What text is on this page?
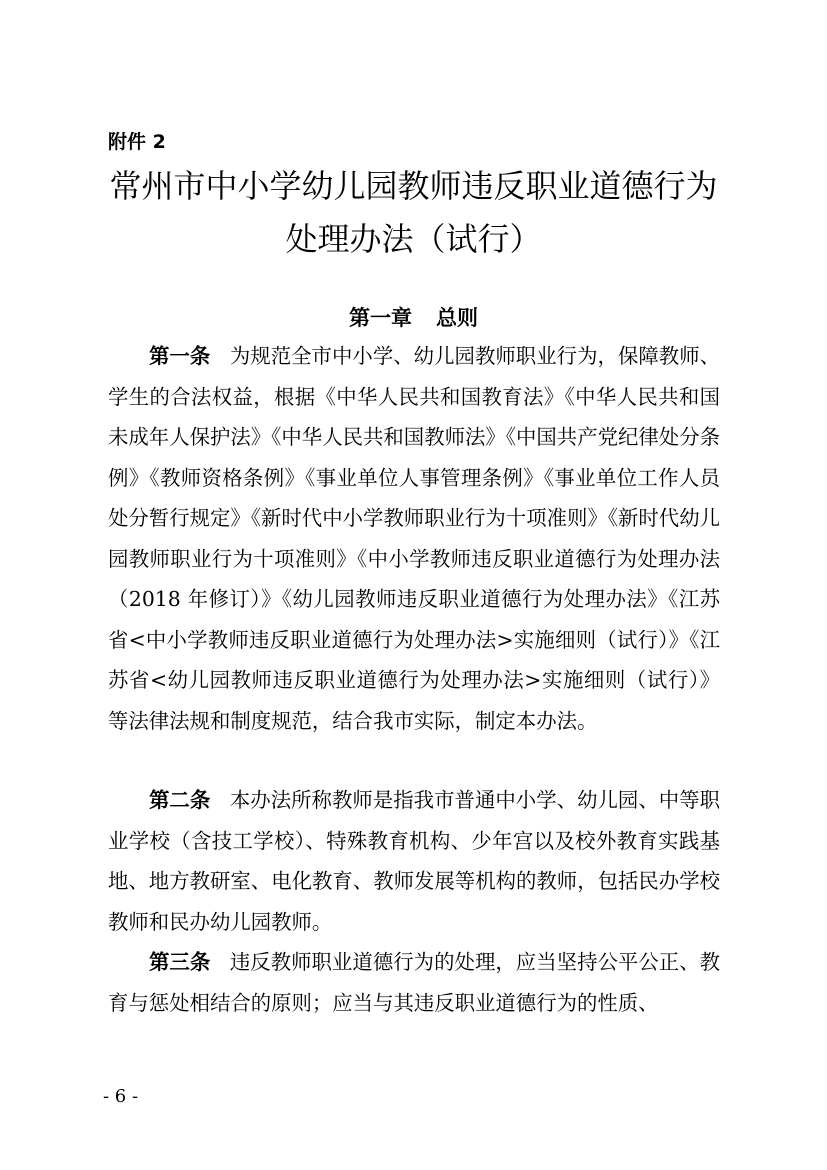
附件 2
常州市中小学幼儿园教师违反职业道德行为
处理办法（试行）
第一章 总则

第一条 为规范全市中小学、幼儿园教师职业行为，保障教师、学生的合法权益，根据《中华人民共和国教育法》《中华人民共和国未成年人保护法》《中华人民共和国教师法》《中国共产党纪律处分条例》《教师资格条例》《事业单位人事管理条例》《事业单位工作人员处分暂行规定》《新时代中小学教师职业行为十项准则》《新时代幼儿园教师职业行为十项准则》《中小学教师违反职业道德行为处理办法（2018 年修订）》《幼儿园教师违反职业道德行为处理办法》《江苏省<中小学教师违反职业道德行为处理办法>实施细则（试行）》《江苏省<幼儿园教师违反职业道德行为处理办法>实施细则（试行）》等法律法规和制度规范，结合我市实际，制定本办法。

第二条 本办法所称教师是指我市普通中小学、幼儿园、中等职业学校（含技工学校）、特殊教育机构、少年宫以及校外教育实践基地、地方教研室、电化教育、教师发展等机构的教师，包括民办学校教师和民办幼儿园教师。

第三条 违反教师职业道德行为的处理，应当坚持公平公正、教育与惩处相结合的原则；应当与其违反职业道德行为的性质、

- 6 -
